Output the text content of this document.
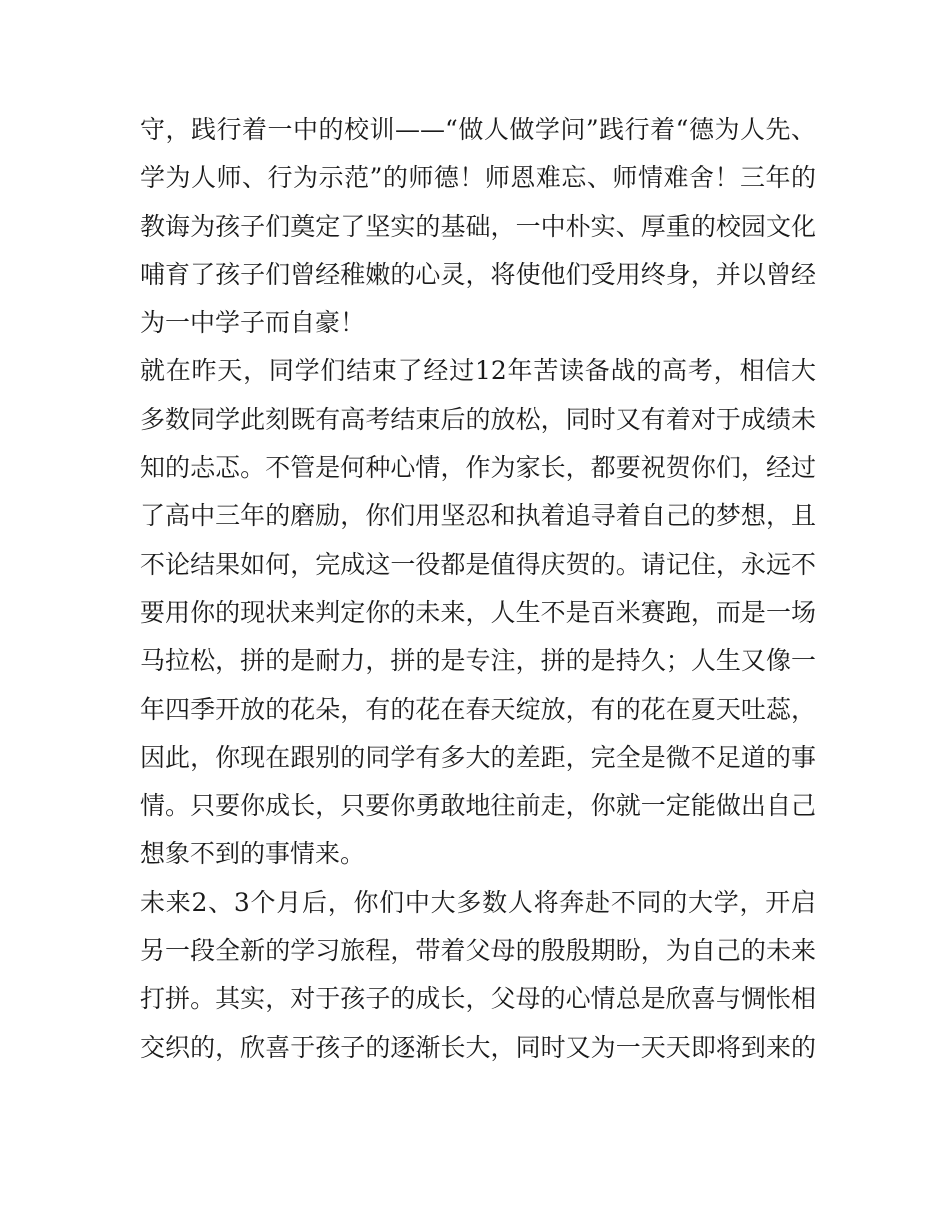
守，践行着一中的校训——“做人做学问”践行着“德为人先、
学为人师、行为示范”的师德！师恩难忘、师情难舍！三年的
教诲为孩子们奠定了坚实的基础，一中朴实、厚重的校园文化
哺育了孩子们曾经稚嫩的心灵，将使他们受用终身，并以曾经
为一中学子而自豪！
就在昨天，同学们结束了经过12年苦读备战的高考，相信大
多数同学此刻既有高考结束后的放松，同时又有着对于成绩未
知的忐忑。不管是何种心情，作为家长，都要祝贺你们，经过
了高中三年的磨励，你们用坚忍和执着追寻着自己的梦想，且
不论结果如何，完成这一役都是值得庆贺的。请记住，永远不
要用你的现状来判定你的未来，人生不是百米赛跑，而是一场
马拉松，拼的是耐力，拼的是专注，拼的是持久；人生又像一
年四季开放的花朵，有的花在春天绽放，有的花在夏天吐蕊，
因此，你现在跟别的同学有多大的差距，完全是微不足道的事
情。只要你成长，只要你勇敢地往前走，你就一定能做出自己
想象不到的事情来。
未来2、3个月后，你们中大多数人将奔赴不同的大学，开启
另一段全新的学习旅程，带着父母的殷殷期盼，为自己的未来
打拼。其实，对于孩子的成长，父母的心情总是欣喜与惆怅相
交织的，欣喜于孩子的逐渐长大，同时又为一天天即将到来的
